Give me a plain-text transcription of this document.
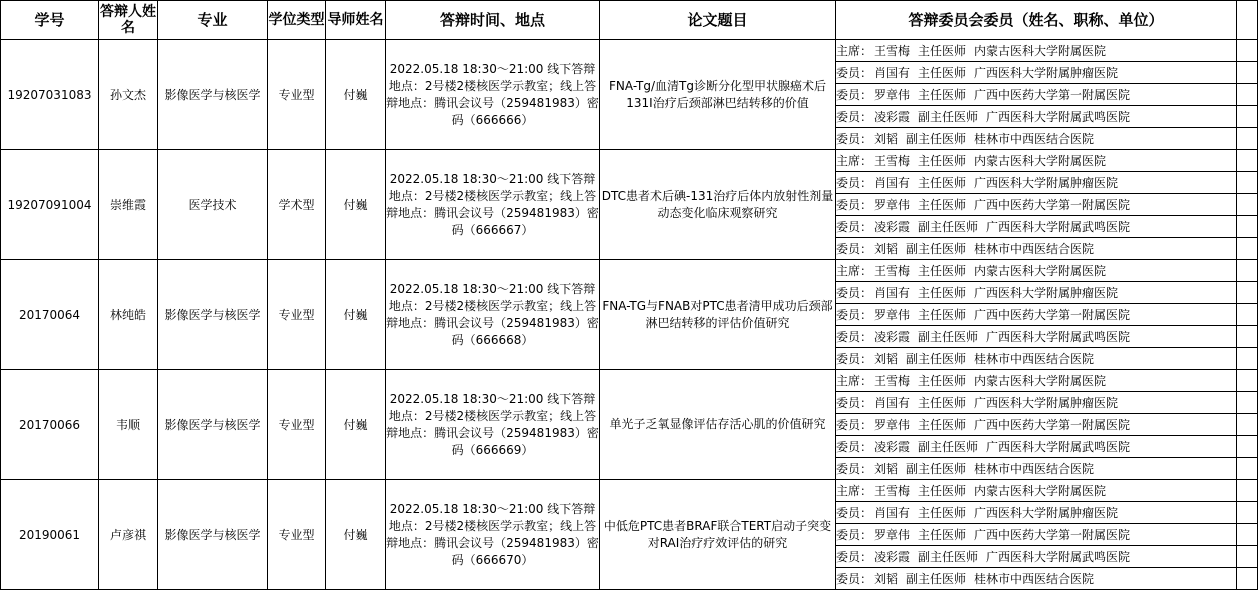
学号	答辩人姓名	专业	学位类型	导师姓名	答辩时间、地点	论文题目	答辩委员会委员（姓名、职称、单位）	
19207031083	孙文杰	影像医学与核医学	专业型	付巍	2022.05.18 18:30～21:00 线下答辩地点：2号楼2楼核医学示教室；线上答辩地点：腾讯会议号（259481983）密码（666666）	FNA-Tg/血清Tg诊断分化型甲状腺癌术后131I治疗后颈部淋巴结转移的价值	主席： 王雪梅 主任医师 内蒙古医科大学附属医院	
							委员： 肖国有 主任医师 广西医科大学附属肿瘤医院	
							委员： 罗章伟 主任医师 广西中医药大学第一附属医院	
							委员： 凌彩霞 副主任医师 广西医科大学附属武鸣医院	
							委员： 刘韬 副主任医师 桂林市中西医结合医院	
19207091004	崇维霞	医学技术	学术型	付巍	2022.05.18 18:30～21:00 线下答辩地点：2号楼2楼核医学示教室；线上答辩地点：腾讯会议号（259481983）密码（666667）	DTC患者术后碘-131治疗后体内放射性剂量动态变化临床观察研究	主席： 王雪梅 主任医师 内蒙古医科大学附属医院	
							委员： 肖国有 主任医师 广西医科大学附属肿瘤医院	
							委员： 罗章伟 主任医师 广西中医药大学第一附属医院	
							委员： 凌彩霞 副主任医师 广西医科大学附属武鸣医院	
							委员： 刘韬 副主任医师 桂林市中西医结合医院	
20170064	林纯皓	影像医学与核医学	专业型	付巍	2022.05.18 18:30～21:00 线下答辩地点：2号楼2楼核医学示教室；线上答辩地点：腾讯会议号（259481983）密码（666668）	FNA-TG与FNAB对PTC患者清甲成功后颈部淋巴结转移的评估价值研究	主席： 王雪梅 主任医师 内蒙古医科大学附属医院	
							委员： 肖国有 主任医师 广西医科大学附属肿瘤医院	
							委员： 罗章伟 主任医师 广西中医药大学第一附属医院	
							委员： 凌彩霞 副主任医师 广西医科大学附属武鸣医院	
							委员： 刘韬 副主任医师 桂林市中西医结合医院	
20170066	韦顺	影像医学与核医学	专业型	付巍	2022.05.18 18:30～21:00 线下答辩地点：2号楼2楼核医学示教室；线上答辩地点：腾讯会议号（259481983）密码（666669）	单光子乏氧显像评估存活心肌的价值研究	主席： 王雪梅 主任医师 内蒙古医科大学附属医院	
							委员： 肖国有 主任医师 广西医科大学附属肿瘤医院	
							委员： 罗章伟 主任医师 广西中医药大学第一附属医院	
							委员： 凌彩霞 副主任医师 广西医科大学附属武鸣医院	
							委员： 刘韬 副主任医师 桂林市中西医结合医院	
20190061	卢彦祺	影像医学与核医学	专业型	付巍	2022.05.18 18:30～21:00 线下答辩地点：2号楼2楼核医学示教室；线上答辩地点：腾讯会议号（259481983）密码（666670）	中低危PTC患者BRAF联合TERT启动子突变对RAI治疗疗效评估的研究	主席： 王雪梅 主任医师 内蒙古医科大学附属医院	
							委员： 肖国有 主任医师 广西医科大学附属肿瘤医院	
							委员： 罗章伟 主任医师 广西中医药大学第一附属医院	
							委员： 凌彩霞 副主任医师 广西医科大学附属武鸣医院	
							委员： 刘韬 副主任医师 桂林市中西医结合医院	
